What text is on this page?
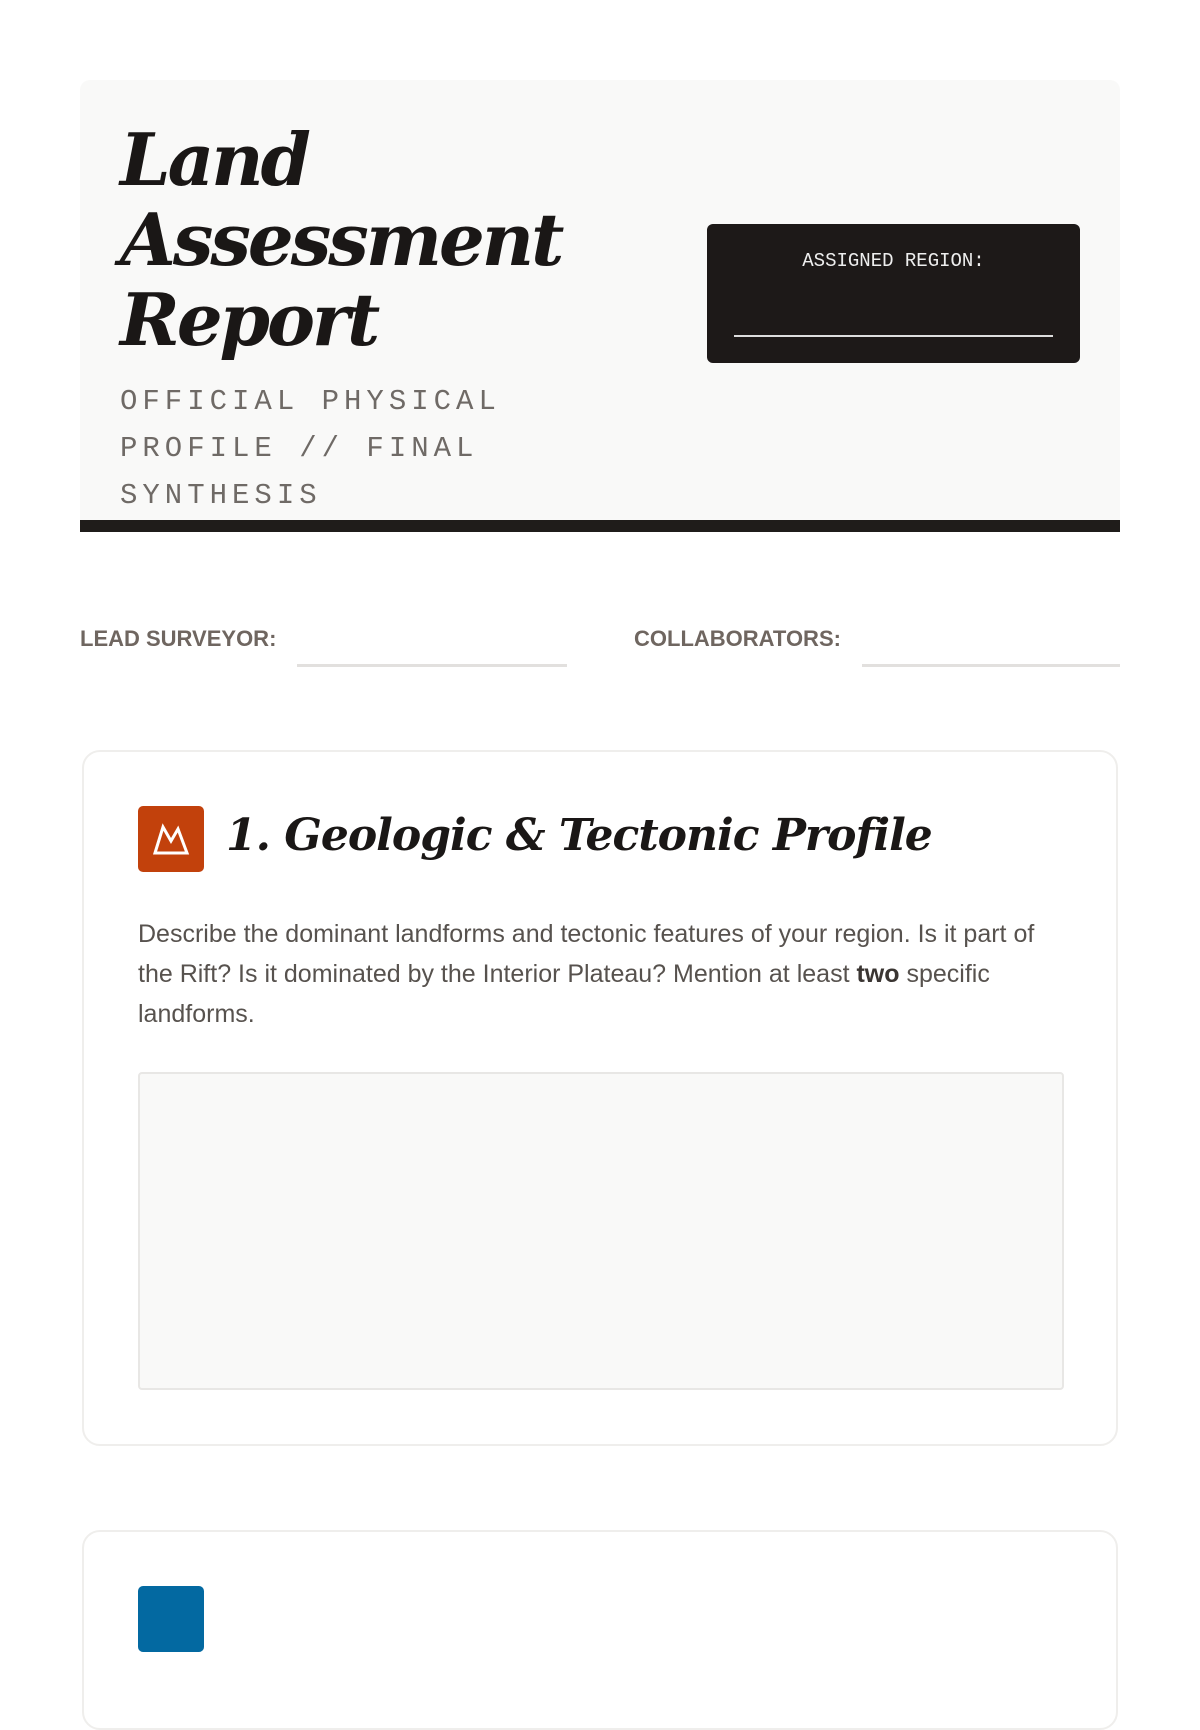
Land Assessment Report
OFFICIAL PHYSICAL PROFILE // FINAL SYNTHESIS
ASSIGNED REGION:
LEAD SURVEYOR:	COLLABORATORS:
1. Geologic & Tectonic Profile
Describe the dominant landforms and tectonic features of your region. Is it part of the Rift? Is it dominated by the Interior Plateau? Mention at least two specific landforms.
